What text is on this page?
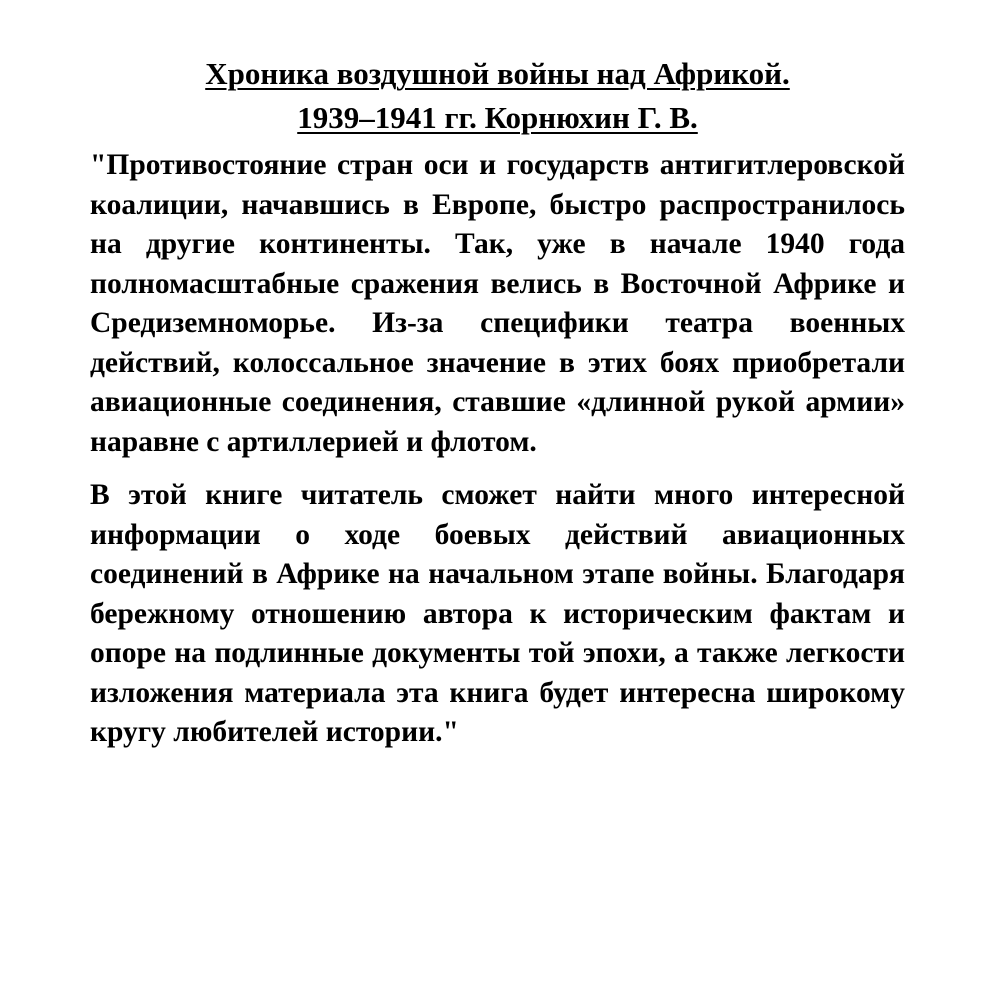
Хроника воздушной войны над Африкой.
1939–1941 гг. Корнюхин Г. В.

"Противостояние стран оси и государств антигитлеровской коалиции, начавшись в Европе, быстро распространилось на другие континенты. Так, уже в начале 1940 года полномасштабные сражения велись в Восточной Африке и Средиземноморье. Из-за специфики театра военных действий, колоссальное значение в этих боях приобретали авиационные соединения, ставшие «длинной рукой армии» наравне с артиллерией и флотом.

В этой книге читатель сможет найти много интересной информации о ходе боевых действий авиационных соединений в Африке на начальном этапе войны. Благодаря бережному отношению автора к историческим фактам и опоре на подлинные документы той эпохи, а также легкости изложения материала эта книга будет интересна широкому кругу любителей истории."
